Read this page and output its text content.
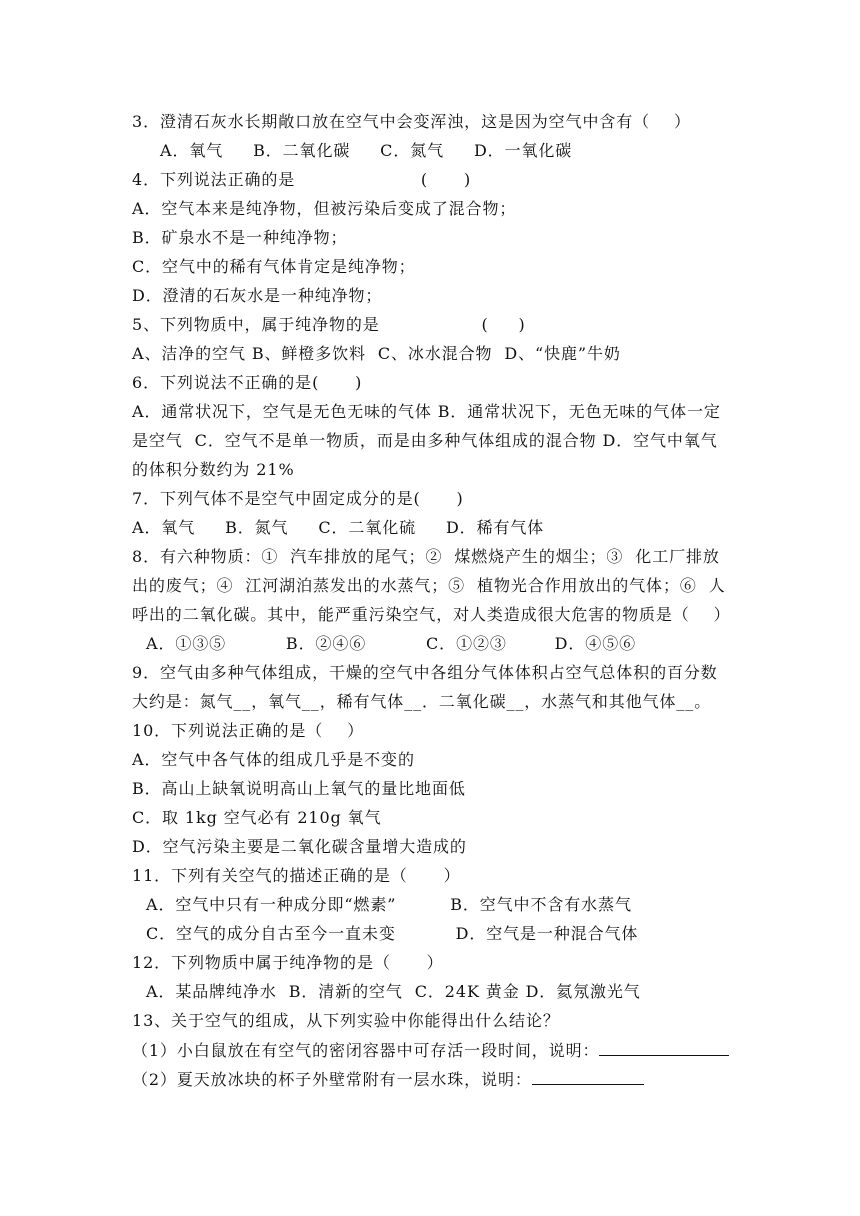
3．澄清石灰水长期敞口放在空气中会变浑浊，这是因为空气中含有（    ）
A．氧气     B．二氧化碳     C．氮气     D．一氧化碳
4．下列说法正确的是                     (      )
A．空气本来是纯净物，但被污染后变成了混合物；
B．矿泉水不是一种纯净物；
C．空气中的稀有气体肯定是纯净物；
D．澄清的石灰水是一种纯净物；
5、下列物质中，属于纯净物的是                 (     )
A、洁净的空气 B、鲜橙多饮料  C、冰水混合物  D、“快鹿”牛奶
6．下列说法不正确的是(      )
A．通常状况下，空气是无色无味的气体 B．通常状况下，无色无味的气体一定
是空气  C．空气不是单一物质，而是由多种气体组成的混合物 D．空气中氧气
的体积分数约为 21%
7．下列气体不是空气中固定成分的是(      )
A．氧气     B．氮气     C．二氧化硫     D．稀有气体
8．有六种物质：①  汽车排放的尾气；②  煤燃烧产生的烟尘；③  化工厂排放
出的废气；④  江河湖泊蒸发出的水蒸气；⑤  植物光合作用放出的气体；⑥  人
呼出的二氧化碳。其中，能严重污染空气，对人类造成很大危害的物质是（    ）
A．①③⑤          B．②④⑥          C．①②③        D．④⑤⑥
9．空气由多种气体组成，干燥的空气中各组分气体体积占空气总体积的百分数
大约是：氮气__，氧气__，稀有气体__．二氧化碳__，水蒸气和其他气体__。
10．下列说法正确的是（    ）
A．空气中各气体的组成几乎是不变的
B．高山上缺氧说明高山上氧气的量比地面低
C．取 1kg 空气必有 210g 氧气
D．空气污染主要是二氧化碳含量增大造成的
11．下列有关空气的描述正确的是（      ）
A．空气中只有一种成分即“燃素”         B．空气中不含有水蒸气
C．空气的成分自古至今一直未变          D．空气是一种混合气体
12．下列物质中属于纯净物的是（      ）
A．某品牌纯净水  B．清新的空气  C．24K 黄金 D．氦氖激光气
13、关于空气的组成，从下列实验中你能得出什么结论？
（1）小白鼠放在有空气的密闭容器中可存活一段时间，说明：
（2）夏天放冰块的杯子外壁常附有一层水珠，说明：
